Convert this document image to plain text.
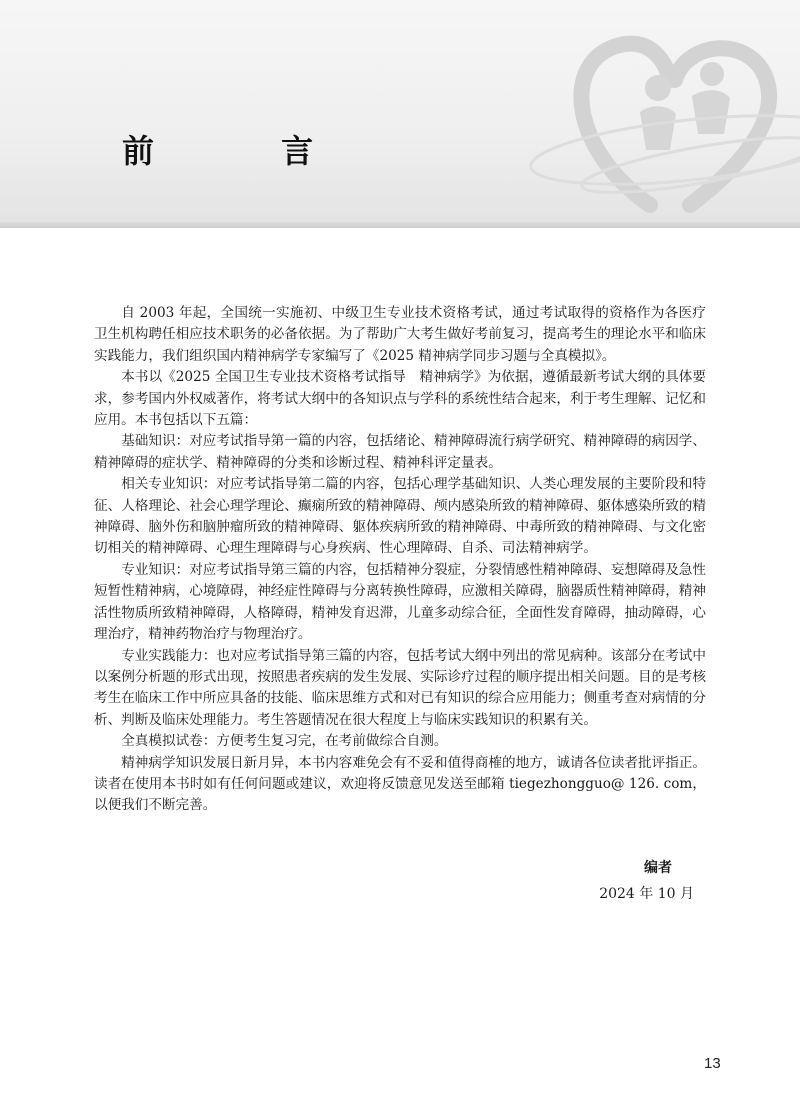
前 言

自 2003 年起，全国统一实施初、中级卫生专业技术资格考试，通过考试取得的资格作为各医疗卫生机构聘任相应技术职务的必备依据。为了帮助广大考生做好考前复习，提高考生的理论水平和临床实践能力，我们组织国内精神病学专家编写了《2025 精神病学同步习题与全真模拟》。

本书以《2025 全国卫生专业技术资格考试指导　精神病学》为依据，遵循最新考试大纲的具体要求，参考国内外权威著作，将考试大纲中的各知识点与学科的系统性结合起来，利于考生理解、记忆和应用。本书包括以下五篇：

基础知识：对应考试指导第一篇的内容，包括绪论、精神障碍流行病学研究、精神障碍的病因学、精神障碍的症状学、精神障碍的分类和诊断过程、精神科评定量表。

相关专业知识：对应考试指导第二篇的内容，包括心理学基础知识、人类心理发展的主要阶段和特征、人格理论、社会心理学理论、癫痫所致的精神障碍、颅内感染所致的精神障碍、躯体感染所致的精神障碍、脑外伤和脑肿瘤所致的精神障碍、躯体疾病所致的精神障碍、中毒所致的精神障碍、与文化密切相关的精神障碍、心理生理障碍与心身疾病、性心理障碍、自杀、司法精神病学。

专业知识：对应考试指导第三篇的内容，包括精神分裂症，分裂情感性精神障碍、妄想障碍及急性短暂性精神病，心境障碍，神经症性障碍与分离转换性障碍，应激相关障碍，脑器质性精神障碍，精神活性物质所致精神障碍，人格障碍，精神发育迟滞，儿童多动综合征，全面性发育障碍，抽动障碍，心理治疗，精神药物治疗与物理治疗。

专业实践能力：也对应考试指导第三篇的内容，包括考试大纲中列出的常见病种。该部分在考试中以案例分析题的形式出现，按照患者疾病的发生发展、实际诊疗过程的顺序提出相关问题。目的是考核考生在临床工作中所应具备的技能、临床思维方式和对已有知识的综合应用能力；侧重考查对病情的分析、判断及临床处理能力。考生答题情况在很大程度上与临床实践知识的积累有关。

全真模拟试卷：方便考生复习完，在考前做综合自测。

精神病学知识发展日新月异，本书内容难免会有不妥和值得商榷的地方，诚请各位读者批评指正。读者在使用本书时如有任何问题或建议，欢迎将反馈意见发送至邮箱 tiegezhongguo@ 126. com，以便我们不断完善。

编者
2024 年 10 月
13
